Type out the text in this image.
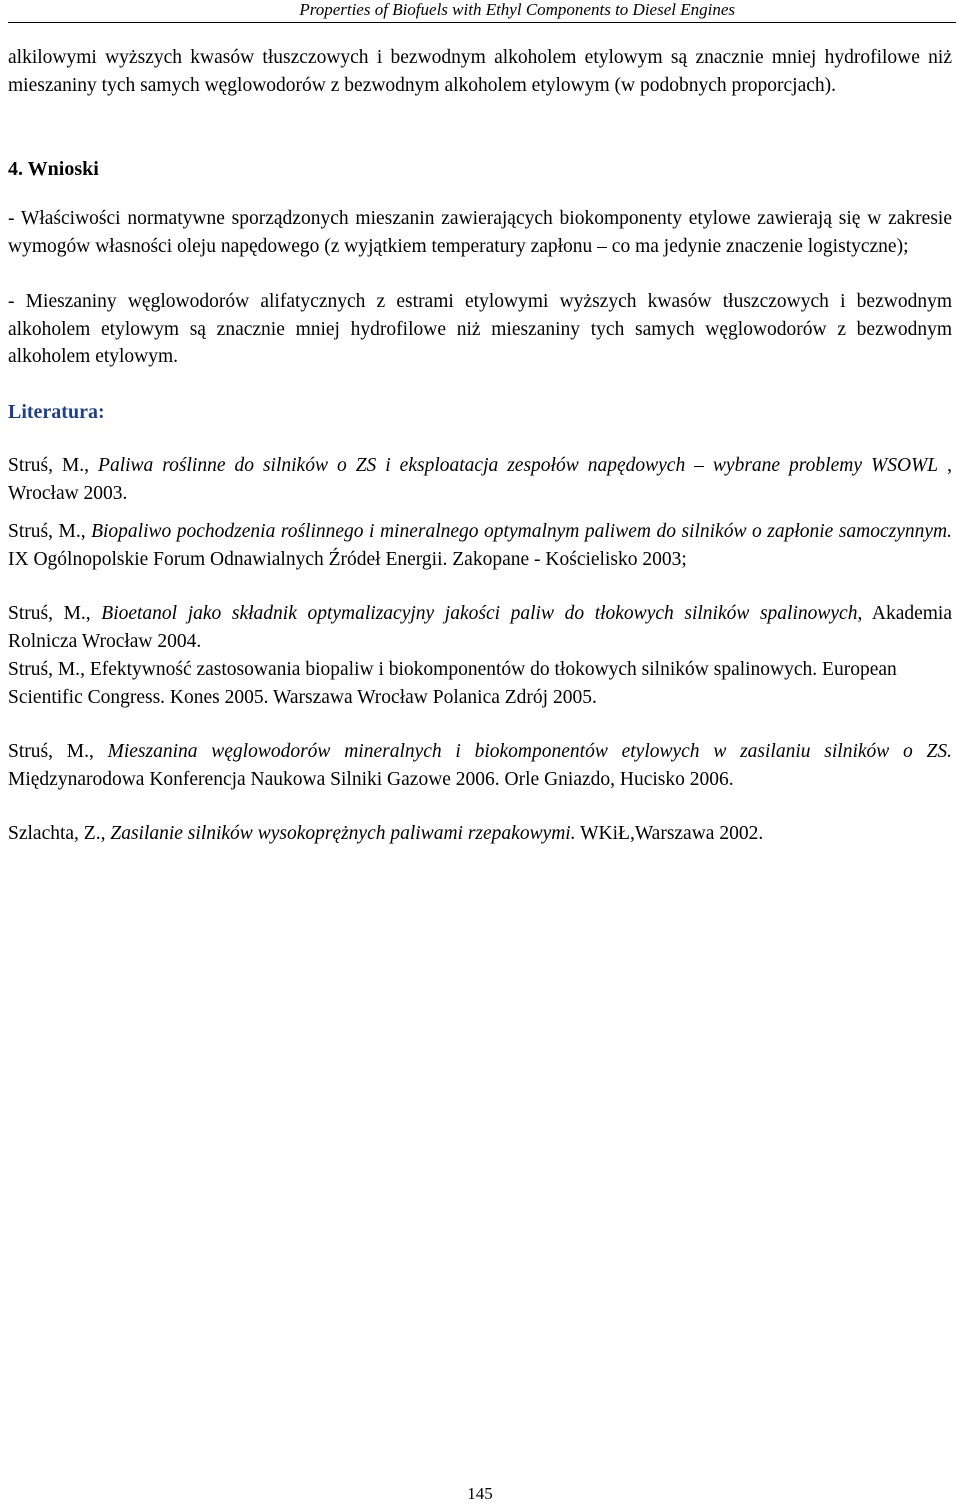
Properties of Biofuels with Ethyl Components to Diesel Engines

alkilowymi wyższych kwasów tłuszczowych i bezwodnym alkoholem etylowym są znacznie mniej hydrofilowe niż mieszaniny tych samych węglowodorów z bezwodnym alkoholem etylowym (w podobnych proporcjach).

4. Wnioski

- Właściwości normatywne sporządzonych mieszanin zawierających biokomponenty etylowe zawierają się w zakresie wymogów własności oleju napędowego (z wyjątkiem temperatury zapłonu – co ma jedynie znaczenie logistyczne);

- Mieszaniny węglowodorów alifatycznych z estrami etylowymi wyższych kwasów tłuszczowych i bezwodnym alkoholem etylowym są znacznie mniej hydrofilowe niż mieszaniny tych samych węglowodorów z bezwodnym alkoholem etylowym.

Literatura:
Struś, M., Paliwa roślinne do silników o ZS i eksploatacja zespołów napędowych – wybrane problemy WSOWL , Wrocław 2003.
Struś, M., Biopaliwo pochodzenia roślinnego i mineralnego optymalnym paliwem do silników o zapłonie samoczynnym. IX Ogólnopolskie Forum Odnawialnych Źródeł Energii. Zakopane - Kościelisko 2003;
Struś, M., Bioetanol jako składnik optymalizacyjny jakości paliw do tłokowych silników spalinowych, Akademia Rolnicza Wrocław 2004.
Struś, M., Efektywność zastosowania biopaliw i biokomponentów do tłokowych silników spalinowych. European Scientific Congress. Kones 2005. Warszawa Wrocław Polanica Zdrój 2005.
Struś, M., Mieszanina węglowodorów mineralnych i biokomponentów etylowych w zasilaniu silników o ZS. Międzynarodowa Konferencja Naukowa Silniki Gazowe 2006. Orle Gniazdo, Hucisko 2006.
Szlachta, Z., Zasilanie silników wysokoprężnych paliwami rzepakowymi. WKiŁ,Warszawa 2002.
145
